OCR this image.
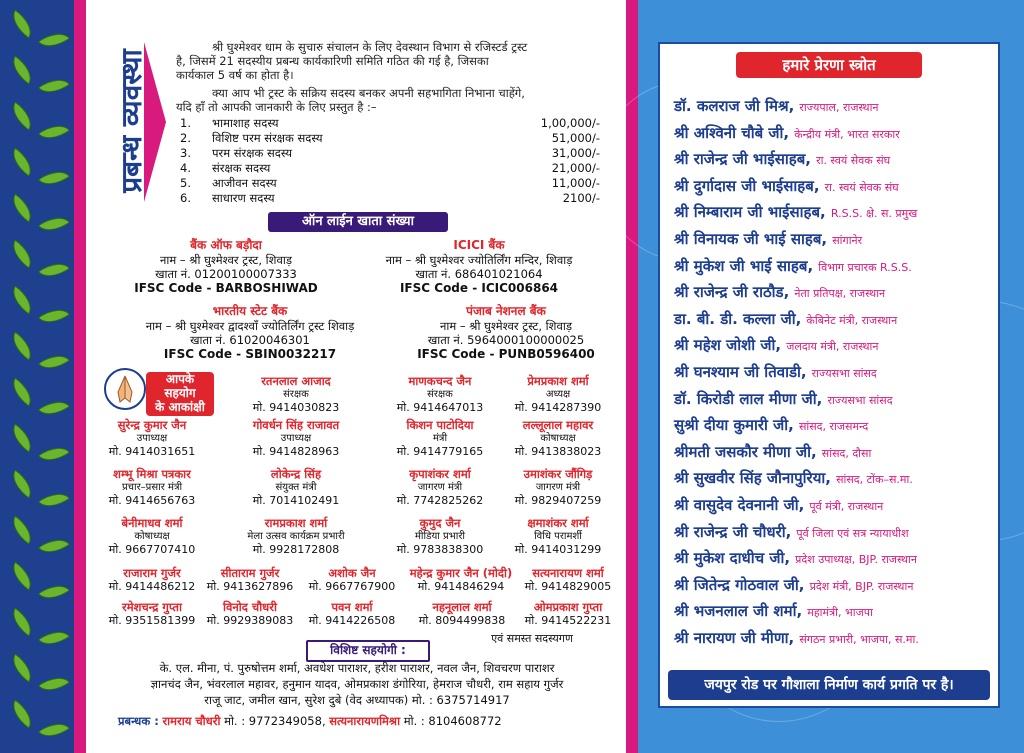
प्रबन्ध व्यवस्था
श्री घुश्मेश्वर धाम के सुचारु संचालन के लिए देवस्थान विभाग से रजिस्टर्ड ट्रस्ट
है, जिसमें 21 सदस्यीय प्रबन्ध कार्यकारिणी समिति गठित की गई है, जिसका
कार्यकाल 5 वर्ष का होता है।
क्या आप भी ट्रस्ट के सक्रिय सदस्य बनकर अपनी सहभागिता निभाना चाहेंगे,
यदि हाँ तो आपकी जानकारी के लिए प्रस्तुत है :–
1. भामाशाह सदस्य	1,00,000/-
2. विशिष्ट परम संरक्षक सदस्य	51,000/-
3. परम संरक्षक सदस्य	31,000/-
4. संरक्षक सदस्य	21,000/-
5. आजीवन सदस्य	11,000/-
6. साधारण सदस्य	2100/-
ऑन लाईन खाता संख्या
बैंक ऑफ बड़ौदा
नाम – श्री घुश्मेश्वर ट्रस्ट, शिवाड़
खाता नं. 01200100007333
IFSC Code - BARBOSHIWAD
ICICI बैंक
नाम – श्री घुश्मेश्वर ज्योतिर्लिंग मन्दिर, शिवाड़
खाता नं. 686401021064
IFSC Code - ICIC006864
भारतीय स्टेट बैंक
नाम – श्री घुश्मेश्वर द्वादश्वाँ ज्योतिर्लिंग ट्रस्ट शिवाड़
खाता नं. 61020046301
IFSC Code - SBIN0032217
पंजाब नेशनल बैंक
नाम – श्री घुश्मेश्वर ट्रस्ट, शिवाड़
खाता नं. 5964000100000025
IFSC Code - PUNB0596400
आपके
सहयोग
के आकांक्षी
रतनलाल आजाद
संरक्षक
मो. 9414030823
माणकचन्द जैन
संरक्षक
मो. 9414647013
प्रेमप्रकाश शर्मा
अध्यक्ष
मो. 9414287390
सुरेन्द्र कुमार जैन
उपाध्यक्ष
मो. 9414031651
गोवर्धन सिंह राजावत
उपाध्यक्ष
मो. 9414828963
किशन पाटोदिया
मंत्री
मो. 9414779165
लल्लूलाल महावर
कोषाध्यक्ष
मो. 9413838023
शम्भू मिश्रा पत्रकार
प्रचार–प्रसार मंत्री
मो. 9414656763
लोकेन्द्र सिंह
संयुक्त मंत्री
मो. 7014102491
कृपाशंकर शर्मा
जागरण मंत्री
मो. 7742825262
उमाशंकर जौंगिड़
जागरण मंत्री
मो. 9829407259
बेनीमाधव शर्मा
कोषाध्यक्ष
मो. 9667707410
रामप्रकाश शर्मा
मेला उत्सव कार्यक्रम प्रभारी
मो. 9928172808
कुमुद जैन
मीडिया प्रभारी
मो. 9783838300
क्षमाशंकर शर्मा
विधि परामर्शी
मो. 9414031299
राजाराम गुर्जर
मो. 9414486212
सीताराम गुर्जर
मो. 9413627896
अशोक जैन
मो. 9667767900
महेन्द्र कुमार जैन (मोदी)
मो. 9414846294
सत्यनारायण शर्मा
मो. 9414829005
रमेशचन्द्र गुप्ता
मो. 9351581399
विनोद चौधरी
मो. 9929389083
पवन शर्मा
मो. 9414226508
नहनूलाल शर्मा
मो. 8094499838
ओमप्रकाश गुप्ता
मो. 9414522231
एवं समस्त सदस्यगण
विशिष्ट सहयोगी :
के. एल. मीना, पं. पुरुषोत्तम शर्मा, अवधेश पाराशर, हरीश पाराशर, नवल जैन, शिवचरण पाराशर
ज्ञानचंद जैन, भंवरलाल महावर, हनुमान यादव, ओमप्रकाश डंगोरिया, हेमराज चौधरी, राम सहाय गुर्जर
राजू जाट, जमील खान, सुरेश दुबे (वेद अध्यापक) मो. : 6375714917
प्रबन्धक : रामराय चौधरी मो. : 9772349058, सत्यनारायणमिश्रा मो. : 8104608772
हमारे प्रेरणा स्त्रोत
डॉ. कलराज जी मिश्र, राज्यपाल, राजस्थान
श्री अश्विनी चौबे जी, केन्द्रीय मंत्री, भारत सरकार
श्री राजेन्द्र जी भाईसाहब, रा. स्वयं सेवक संघ
श्री दुर्गादास जी भाईसाहब, रा. स्वयं सेवक संघ
श्री निम्बाराम जी भाईसाहब, R.S.S. क्षे. स. प्रमुख
श्री विनायक जी भाई साहब, सांगानेर
श्री मुकेश जी भाई साहब, विभाग प्रचारक R.S.S.
श्री राजेन्द्र जी राठौड, नेता प्रतिपक्ष, राजस्थान
डा. बी. डी. कल्ला जी, केबिनेट मंत्री, राजस्थान
श्री महेश जोशी जी, जलदाय मंत्री, राजस्थान
श्री घनश्याम जी तिवाडी, राज्यसभा सांसद
डॉ. किरोडी लाल मीणा जी, राज्यसभा सांसद
सुश्री दीया कुमारी जी, सांसद, राजसमन्द
श्रीमती जसकौर मीणा जी, सांसद, दौसा
श्री सुखवीर सिंह जौनापुरिया, सांसद, टोंक–स.मा.
श्री वासुदेव देवनानी जी, पूर्व मंत्री, राजस्थान
श्री राजेन्द्र जी चौधरी, पूर्व जिला एवं सत्र न्यायाधीश
श्री मुकेश दाधीच जी, प्रदेश उपाध्यक्ष, BJP. राजस्थान
श्री जितेन्द्र गोठवाल जी, प्रदेश मंत्री, BJP. राजस्थान
श्री भजनलाल जी शर्मा, महामंत्री, भाजपा
श्री नारायण जी मीणा, संगठन प्रभारी, भाजपा, स.मा.
जयपुर रोड पर गौशाला निर्माण कार्य प्रगति पर है।
